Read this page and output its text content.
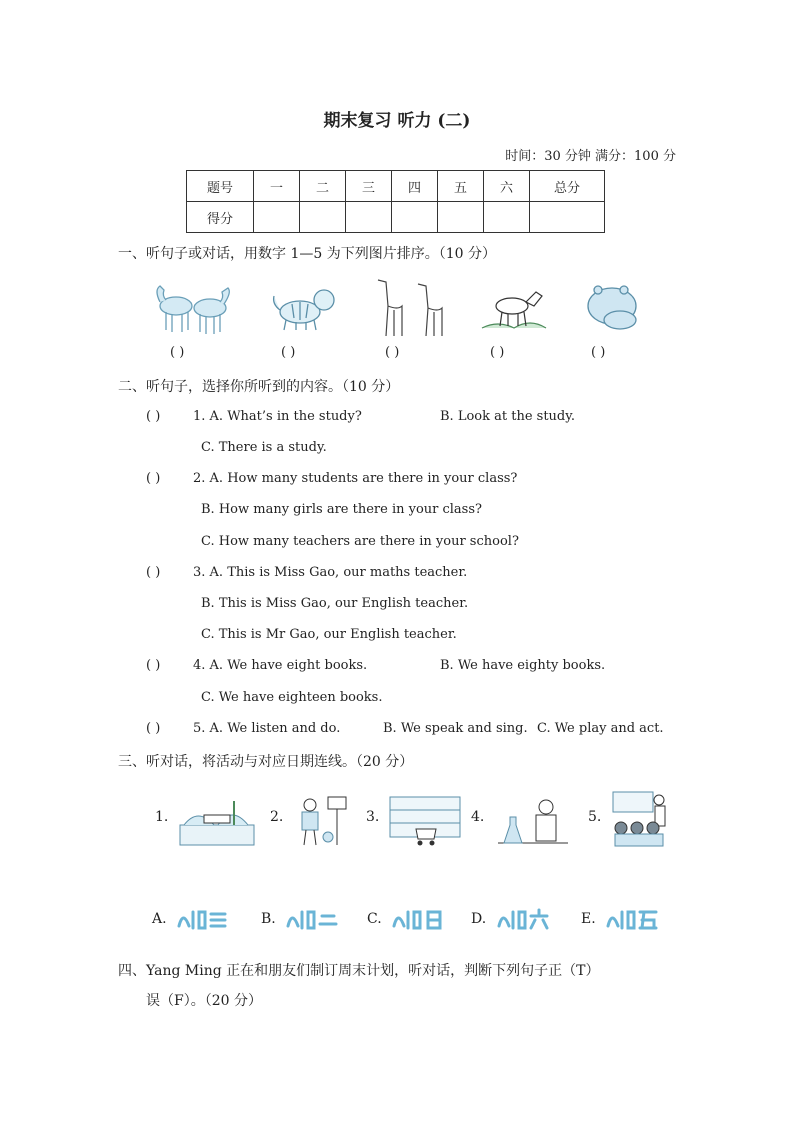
期末复习 听力 (二)
时间：30 分钟 满分：100 分
题号	一	二	三	四	五	六	总分
得分							
一、听句子或对话，用数字 1—5 为下列图片排序。（10 分）
( )	( )	( )	( )	( )
二、听句子，选择你所听到的内容。（10 分）
( )	1. A. What’s in the study?	B. Look at the study.
C. There is a study.
( )	2. A. How many students are there in your class?
B. How many girls are there in your class?
C. How many teachers are there in your school?
( )	3. A. This is Miss Gao, our maths teacher.
B. This is Miss Gao, our English teacher.
C. This is Mr Gao, our English teacher.
( )	4. A. We have eight books.	B. We have eighty books.
C. We have eighteen books.
( )	5. A. We listen and do.	B. We speak and sing. C. We play and act.
三、听对话，将活动与对应日期连线。（20 分）
1.	2.	3.	4.	5.
A.	B.	C.	D.	E.
四、Yang Ming 正在和朋友们制订周末计划，听对话，判断下列句子正（T）
误（F）。（20 分）
